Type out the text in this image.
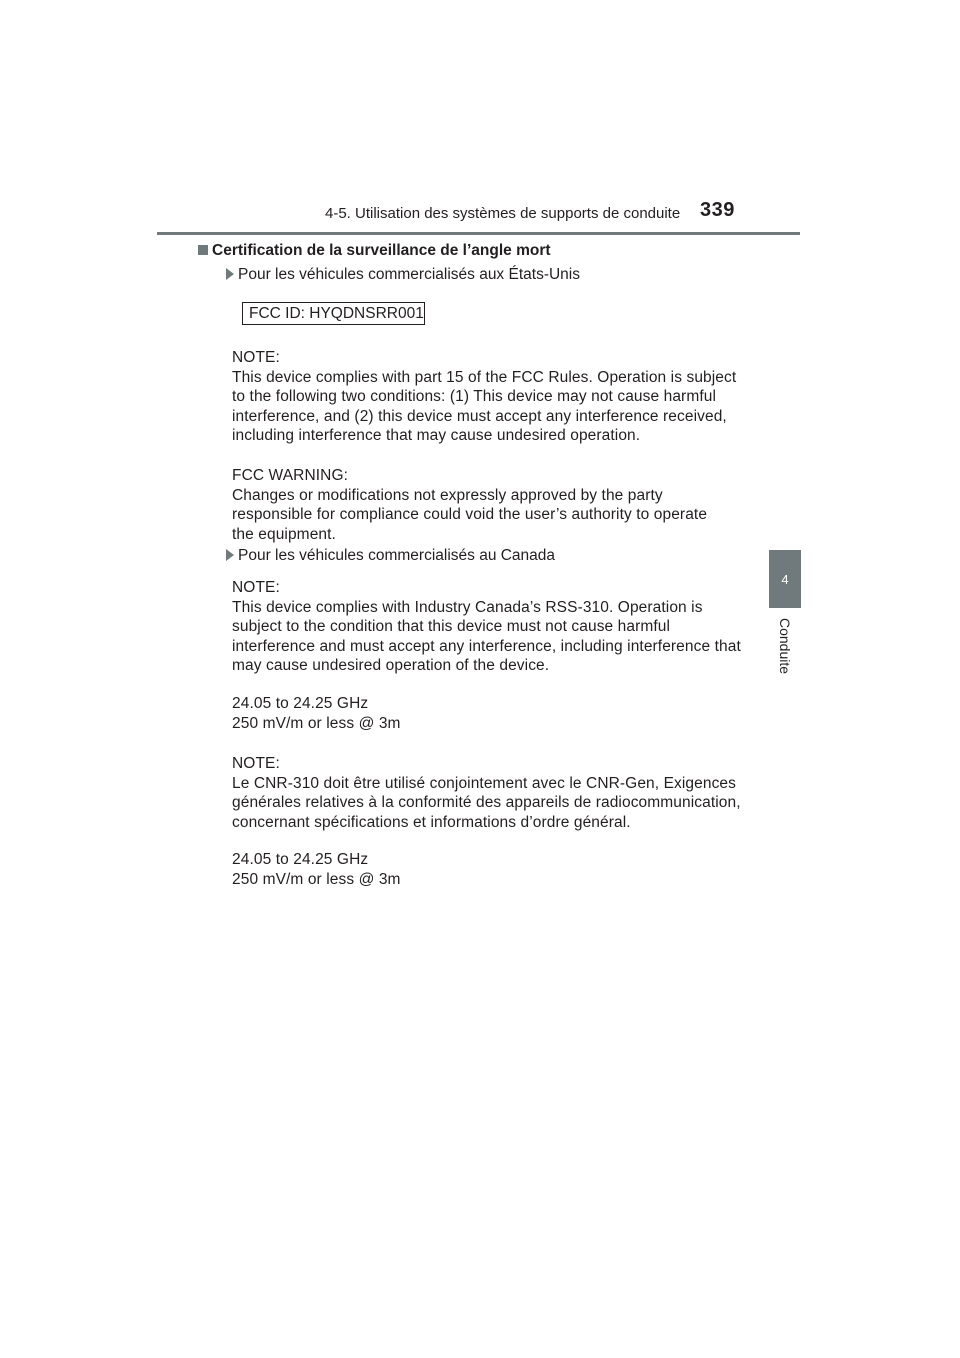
4-5. Utilisation des systèmes de supports de conduite 339
4
Conduite
Certification de la surveillance de l’angle mort
Pour les véhicules commercialisés aux États-Unis
FCC ID: HYQDNSRR001
NOTE:
This device complies with part 15 of the FCC Rules. Operation is subject
to the following two conditions: (1) This device may not cause harmful
interference, and (2) this device must accept any interference received,
including interference that may cause undesired operation.
FCC WARNING:
Changes or modifications not expressly approved by the party
responsible for compliance could void the user’s authority to operate
the equipment.
Pour les véhicules commercialisés au Canada
NOTE:
This device complies with Industry Canada’s RSS-310. Operation is
subject to the condition that this device must not cause harmful
interference and must accept any interference, including interference that
may cause undesired operation of the device.
24.05 to 24.25 GHz
250 mV/m or less @ 3m
NOTE:
Le CNR-310 doit être utilisé conjointement avec le CNR-Gen, Exigences
générales relatives à la conformité des appareils de radiocommunication,
concernant spécifications et informations d’ordre général.
24.05 to 24.25 GHz
250 mV/m or less @ 3m
